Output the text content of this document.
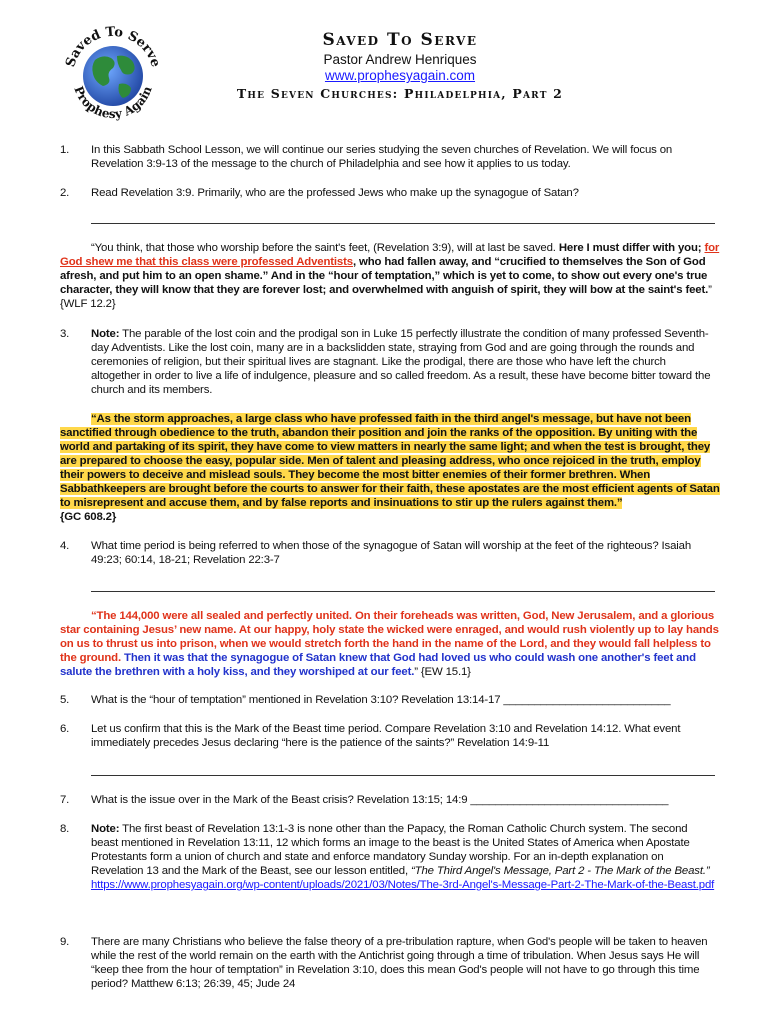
Saved To Serve
Prophesy Again
Saved To Serve
Pastor Andrew Henriques
www.prophesyagain.com
The Seven Churches: Philadelphia, Part 2
1.	In this Sabbath School Lesson, we will continue our series studying the seven churches of Revelation. We will focus on Revelation 3:9-13 of the message to the church of Philadelphia and see how it applies to us today.
2.	Read Revelation 3:9. Primarily, who are the professed Jews who make up the synagogue of Satan?
“You think, that those who worship before the saint's feet, (Revelation 3:9), will at last be saved. Here I must differ with you; for God shew me that this class were professed Adventists, who had fallen away, and “crucified to themselves the Son of God afresh, and put him to an open shame.” And in the “hour of temptation,” which is yet to come, to show out every one's true character, they will know that they are forever lost; and overwhelmed with anguish of spirit, they will bow at the saint's feet.” {WLF 12.2}
3.	Note: The parable of the lost coin and the prodigal son in Luke 15 perfectly illustrate the condition of many professed Seventh-day Adventists. Like the lost coin, many are in a backslidden state, straying from God and are going through the rounds and ceremonies of religion, but their spiritual lives are stagnant. Like the prodigal, there are those who have left the church altogether in order to live a life of indulgence, pleasure and so called freedom. As a result, these have become bitter toward the church and its members.
“As the storm approaches, a large class who have professed faith in the third angel's message, but have not been sanctified through obedience to the truth, abandon their position and join the ranks of the opposition. By uniting with the world and partaking of its spirit, they have come to view matters in nearly the same light; and when the test is brought, they are prepared to choose the easy, popular side. Men of talent and pleasing address, who once rejoiced in the truth, employ their powers to deceive and mislead souls. They become the most bitter enemies of their former brethren. When Sabbathkeepers are brought before the courts to answer for their faith, these apostates are the most efficient agents of Satan to misrepresent and accuse them, and by false reports and insinuations to stir up the rulers against them.”
{GC 608.2}
4.	What time period is being referred to when those of the synagogue of Satan will worship at the feet of the righteous? Isaiah 49:23; 60:14, 18-21; Revelation 22:3-7
“The 144,000 were all sealed and perfectly united. On their foreheads was written, God, New Jerusalem, and a glorious star containing Jesus’ new name. At our happy, holy state the wicked were enraged, and would rush violently up to lay hands on us to thrust us into prison, when we would stretch forth the hand in the name of the Lord, and they would fall helpless to the ground. Then it was that the synagogue of Satan knew that God had loved us who could wash one another's feet and salute the brethren with a holy kiss, and they worshiped at our feet.” {EW 15.1}
5.	What is the “hour of temptation” mentioned in Revelation 3:10? Revelation 13:14-17 ___________________________
6.	Let us confirm that this is the Mark of the Beast time period. Compare Revelation 3:10 and Revelation 14:12. What event immediately precedes Jesus declaring “here is the patience of the saints?” Revelation 14:9-11
7.	What is the issue over in the Mark of the Beast crisis? Revelation 13:15; 14:9 ________________________________
8.	Note: The first beast of Revelation 13:1-3 is none other than the Papacy, the Roman Catholic Church system. The second beast mentioned in Revelation 13:11, 12 which forms an image to the beast is the United States of America when Apostate Protestants form a union of church and state and enforce mandatory Sunday worship. For an in-depth explanation on Revelation 13 and the Mark of the Beast, see our lesson entitled, “The Third Angel's Message, Part 2 - The Mark of the Beast.”
https://www.prophesyagain.org/wp-content/uploads/2021/03/Notes/The-3rd-Angel's-Message-Part-2-The-Mark-of-the-Beast.pdf
9.	There are many Christians who believe the false theory of a pre-tribulation rapture, when God's people will be taken to heaven while the rest of the world remain on the earth with the Antichrist going through a time of tribulation. When Jesus says He will “keep thee from the hour of temptation” in Revelation 3:10, does this mean God's people will not have to go through this time period? Matthew 6:13; 26:39, 45; Jude 24
